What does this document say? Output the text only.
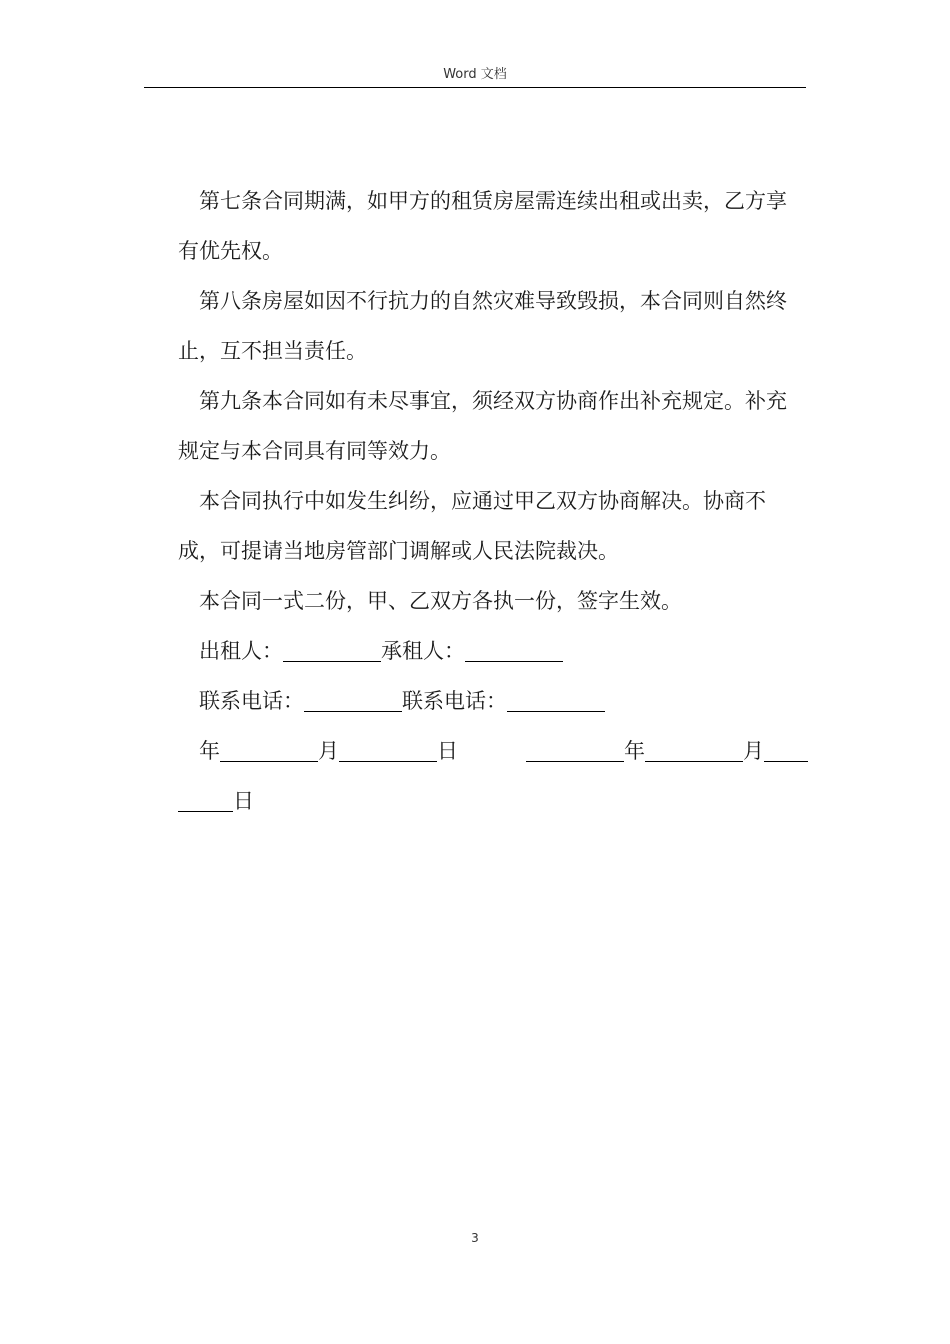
Word 文档

第七条合同期满，如甲方的租赁房屋需连续出租或出卖，乙方享有优先权。

第八条房屋如因不行抗力的自然灾难导致毁损，本合同则自然终止，互不担当责任。

第九条本合同如有未尽事宜，须经双方协商作出补充规定。补充规定与本合同具有同等效力。

本合同执行中如发生纠纷，应通过甲乙双方协商解决。协商不成，可提请当地房管部门调解或人民法院裁决。

本合同一式二份，甲、乙双方各执一份，签字生效。

出租人：	承租人：

联系电话：	联系电话：

年	月	日	年	月

日

3
